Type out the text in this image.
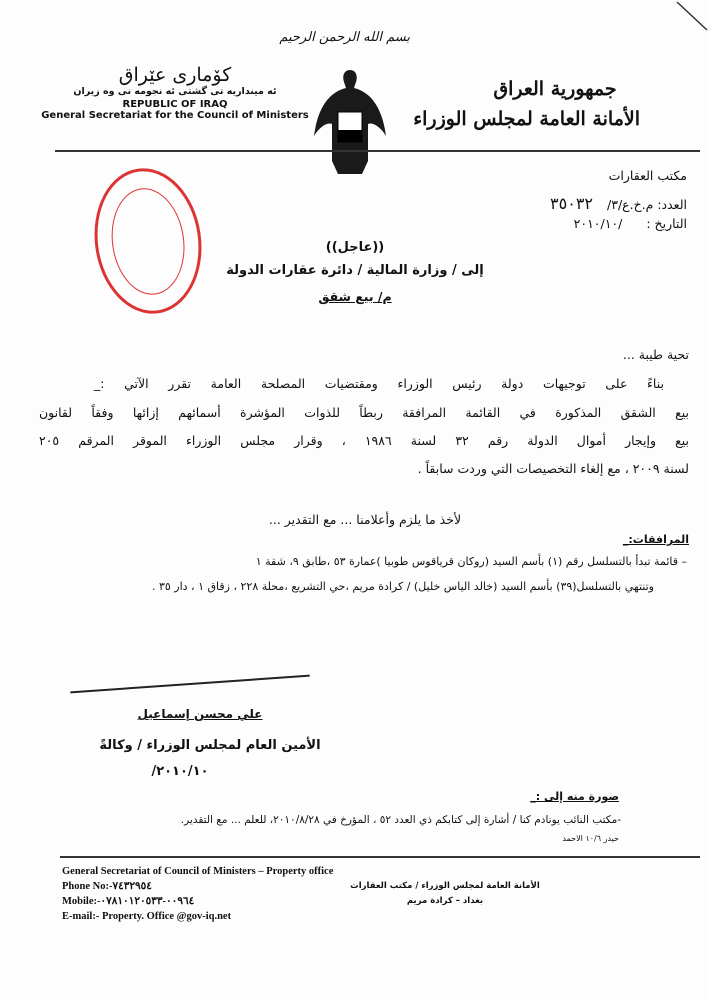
بسم الله الرحمن الرحيم
جمهورية العراق
الأمانة العامة لمجلس الوزراء
کۆماری عێراق
ئه مینداریه تی گشتی ئه نجومه نی وه زیران
REPUBLIC OF IRAQ
General Secretariat for the Council of Ministers
مكتب العقارات
العدد: م.خ.ع/٣/ ٣٥٠٣٢
التاريخ : /٢٠١٠/١٠
((عاجل))
إلى / وزارة المالية / دائرة عقارات الدولة
م/ بيع شقق
تحية طيبة ...
بناءً على توجيهات دولة رئيس الوزراء ومقتضيات المصلحة العامة تقرر الآتي :_
بيع الشقق المذكورة في القائمة المرافقة ربطاً للذوات المؤشرة أسمائهم إزائها وفقاً لقانون
بيع وإيجار أموال الدولة رقم ٣٢ لسنة ١٩٨٦ ، وقرار مجلس الوزراء الموقر المرقم ٢٠٥
لسنة ٢٠٠٩ ، مع إلغاء التخصيصات التي وردت سابقاً .
لأخذ ما يلزم وأعلامنا ... مع التقدير ...
المرافقات:_
– قائمة تبدأ بالتسلسل رقم (١) بأسم السيد (روكان قرياقوس طوبيا )عمارة ٥٣ ،طابق ٩، شقة ١
وتنتهي بالتسلسل(٣٩) بأسم السيد (خالد الياس خليل) / كرادة مريم ،حي التشريع ،محلة ٢٢٨ ، زقاق ١ ، دار ٣٥ .
علي محسن إسماعيل
الأمين العام لمجلس الوزراء / وكالةً
٢٠١٠/١٠/
صورة منه إلى :_
-مكتب النائب يونادم كنا / أشارة إلى كتابكم ذي العدد ٥٢ ، المؤرخ في ٢٠١٠/٨/٢٨، للعلم ... مع التقدير.
حيدر ١٠/٦ الاحمد
General Secretariat of Council of Ministers – Property office
Phone No:-٧٤٣٢٩٥٤
Mobile:-٠٠٩٦٤-٠٧٨١٠١٢٠٥٣٣
E-mail:- Property. Office @gov-iq.net
الأمانة العامة لمجلس الوزراء / مكتب العقارات
بغداد – كرادة مريم
